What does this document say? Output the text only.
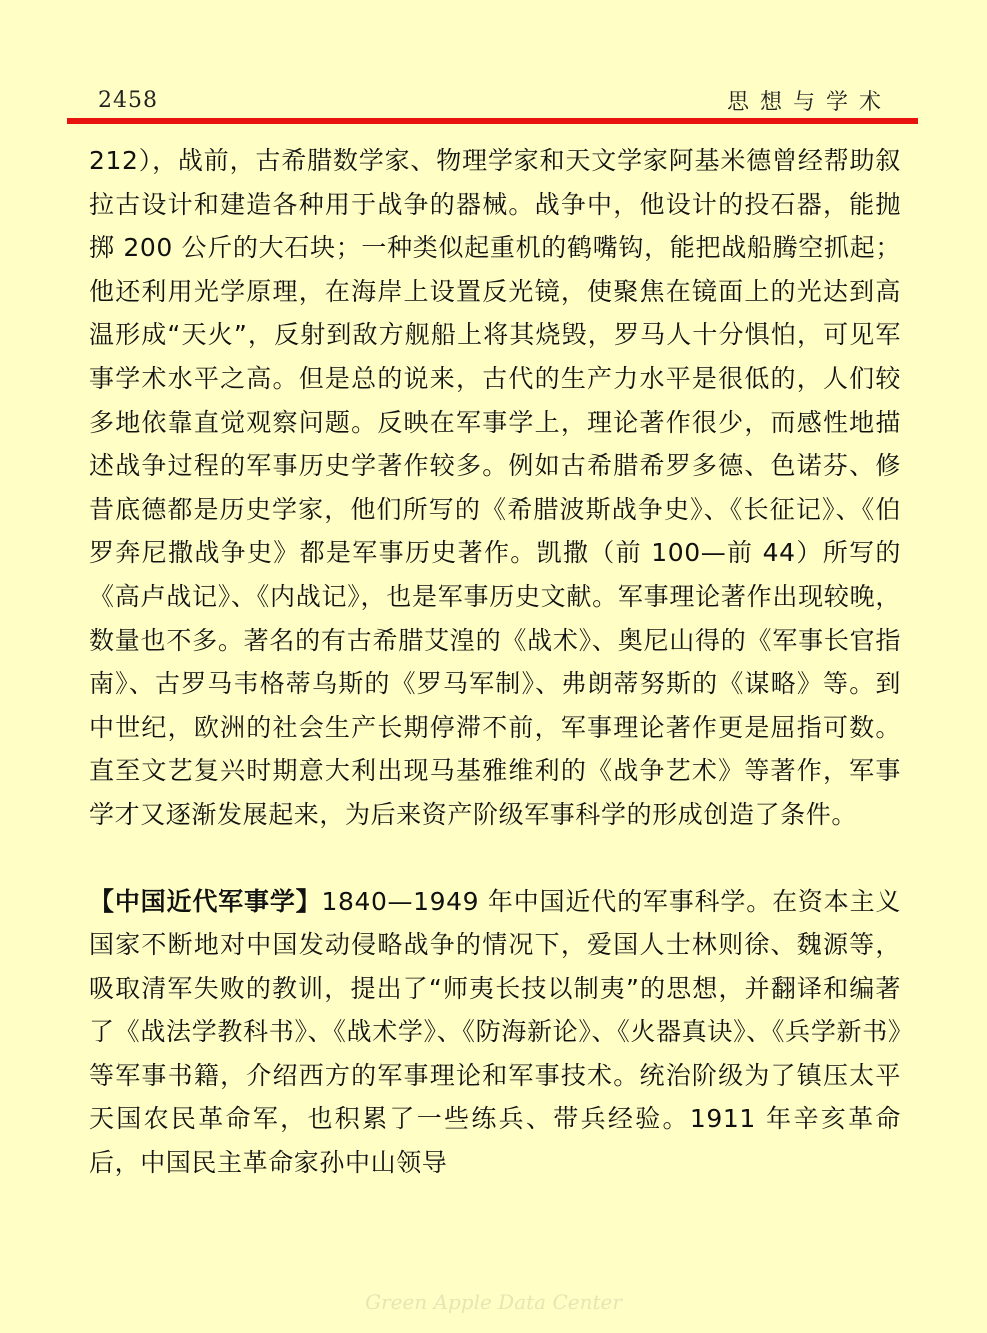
2458	思想与学术

212），战前，古希腊数学家、物理学家和天文学家阿基米德曾经帮助叙拉古设计和建造各种用于战争的器械。战争中，他设计的投石器，能抛掷 200 公斤的大石块；一种类似起重机的鹤嘴钩，能把战船腾空抓起；他还利用光学原理，在海岸上设置反光镜，使聚焦在镜面上的光达到高温形成“天火”，反射到敌方舰船上将其烧毁，罗马人十分惧怕，可见军事学术水平之高。但是总的说来，古代的生产力水平是很低的，人们较多地依靠直觉观察问题。反映在军事学上，理论著作很少，而感性地描述战争过程的军事历史学著作较多。例如古希腊希罗多德、色诺芬、修昔底德都是历史学家，他们所写的《希腊波斯战争史》、《长征记》、《伯罗奔尼撒战争史》都是军事历史著作。凯撒（前 100—前 44）所写的《高卢战记》、《内战记》，也是军事历史文献。军事理论著作出现较晚，数量也不多。著名的有古希腊艾湟的《战术》、奥尼山得的《军事长官指南》、古罗马韦格蒂乌斯的《罗马军制》、弗朗蒂努斯的《谋略》等。到中世纪，欧洲的社会生产长期停滞不前，军事理论著作更是屈指可数。直至文艺复兴时期意大利出现马基雅维利的《战争艺术》等著作，军事学才又逐渐发展起来，为后来资产阶级军事科学的形成创造了条件。

【中国近代军事学】1840—1949 年中国近代的军事科学。在资本主义国家不断地对中国发动侵略战争的情况下，爱国人士林则徐、魏源等，吸取清军失败的教训，提出了“师夷长技以制夷”的思想，并翻译和编著了《战法学教科书》、《战术学》、《防海新论》、《火器真诀》、《兵学新书》等军事书籍，介绍西方的军事理论和军事技术。统治阶级为了镇压太平天国农民革命军，也积累了一些练兵、带兵经验。1911 年辛亥革命后，中国民主革命家孙中山领导

Green Apple Data Center
